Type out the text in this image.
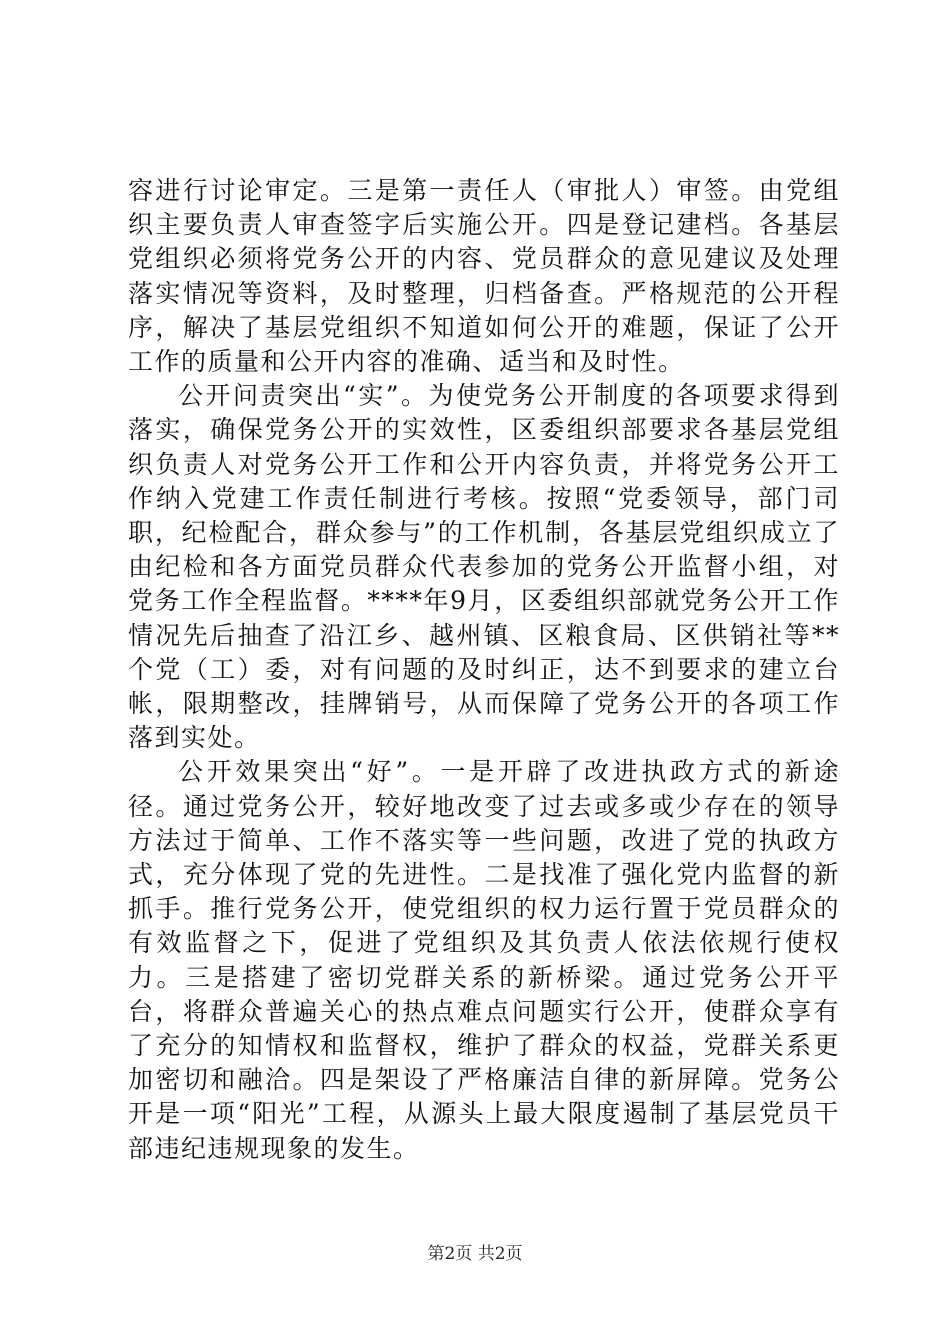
容进行讨论审定。三是第一责任人（审批人）审签。由党组织主要负责人审查签字后实施公开。四是登记建档。各基层党组织必须将党务公开的内容、党员群众的意见建议及处理落实情况等资料，及时整理，归档备查。严格规范的公开程序，解决了基层党组织不知道如何公开的难题，保证了公开工作的质量和公开内容的准确、适当和及时性。

公开问责突出“实”。为使党务公开制度的各项要求得到落实，确保党务公开的实效性，区委组织部要求各基层党组织负责人对党务公开工作和公开内容负责，并将党务公开工作纳入党建工作责任制进行考核。按照“党委领导，部门司职，纪检配合，群众参与”的工作机制，各基层党组织成立了由纪检和各方面党员群众代表参加的党务公开监督小组，对党务工作全程监督。****年9月，区委组织部就党务公开工作情况先后抽查了沿江乡、越州镇、区粮食局、区供销社等**个党（工）委，对有问题的及时纠正，达不到要求的建立台帐，限期整改，挂牌销号，从而保障了党务公开的各项工作落到实处。

公开效果突出“好”。一是开辟了改进执政方式的新途径。通过党务公开，较好地改变了过去或多或少存在的领导方法过于简单、工作不落实等一些问题，改进了党的执政方式，充分体现了党的先进性。二是找准了强化党内监督的新抓手。推行党务公开，使党组织的权力运行置于党员群众的有效监督之下，促进了党组织及其负责人依法依规行使权力。三是搭建了密切党群关系的新桥梁。通过党务公开平台，将群众普遍关心的热点难点问题实行公开，使群众享有了充分的知情权和监督权，维护了群众的权益，党群关系更加密切和融洽。四是架设了严格廉洁自律的新屏障。党务公开是一项“阳光”工程，从源头上最大限度遏制了基层党员干部违纪违规现象的发生。

第2页 共2页
